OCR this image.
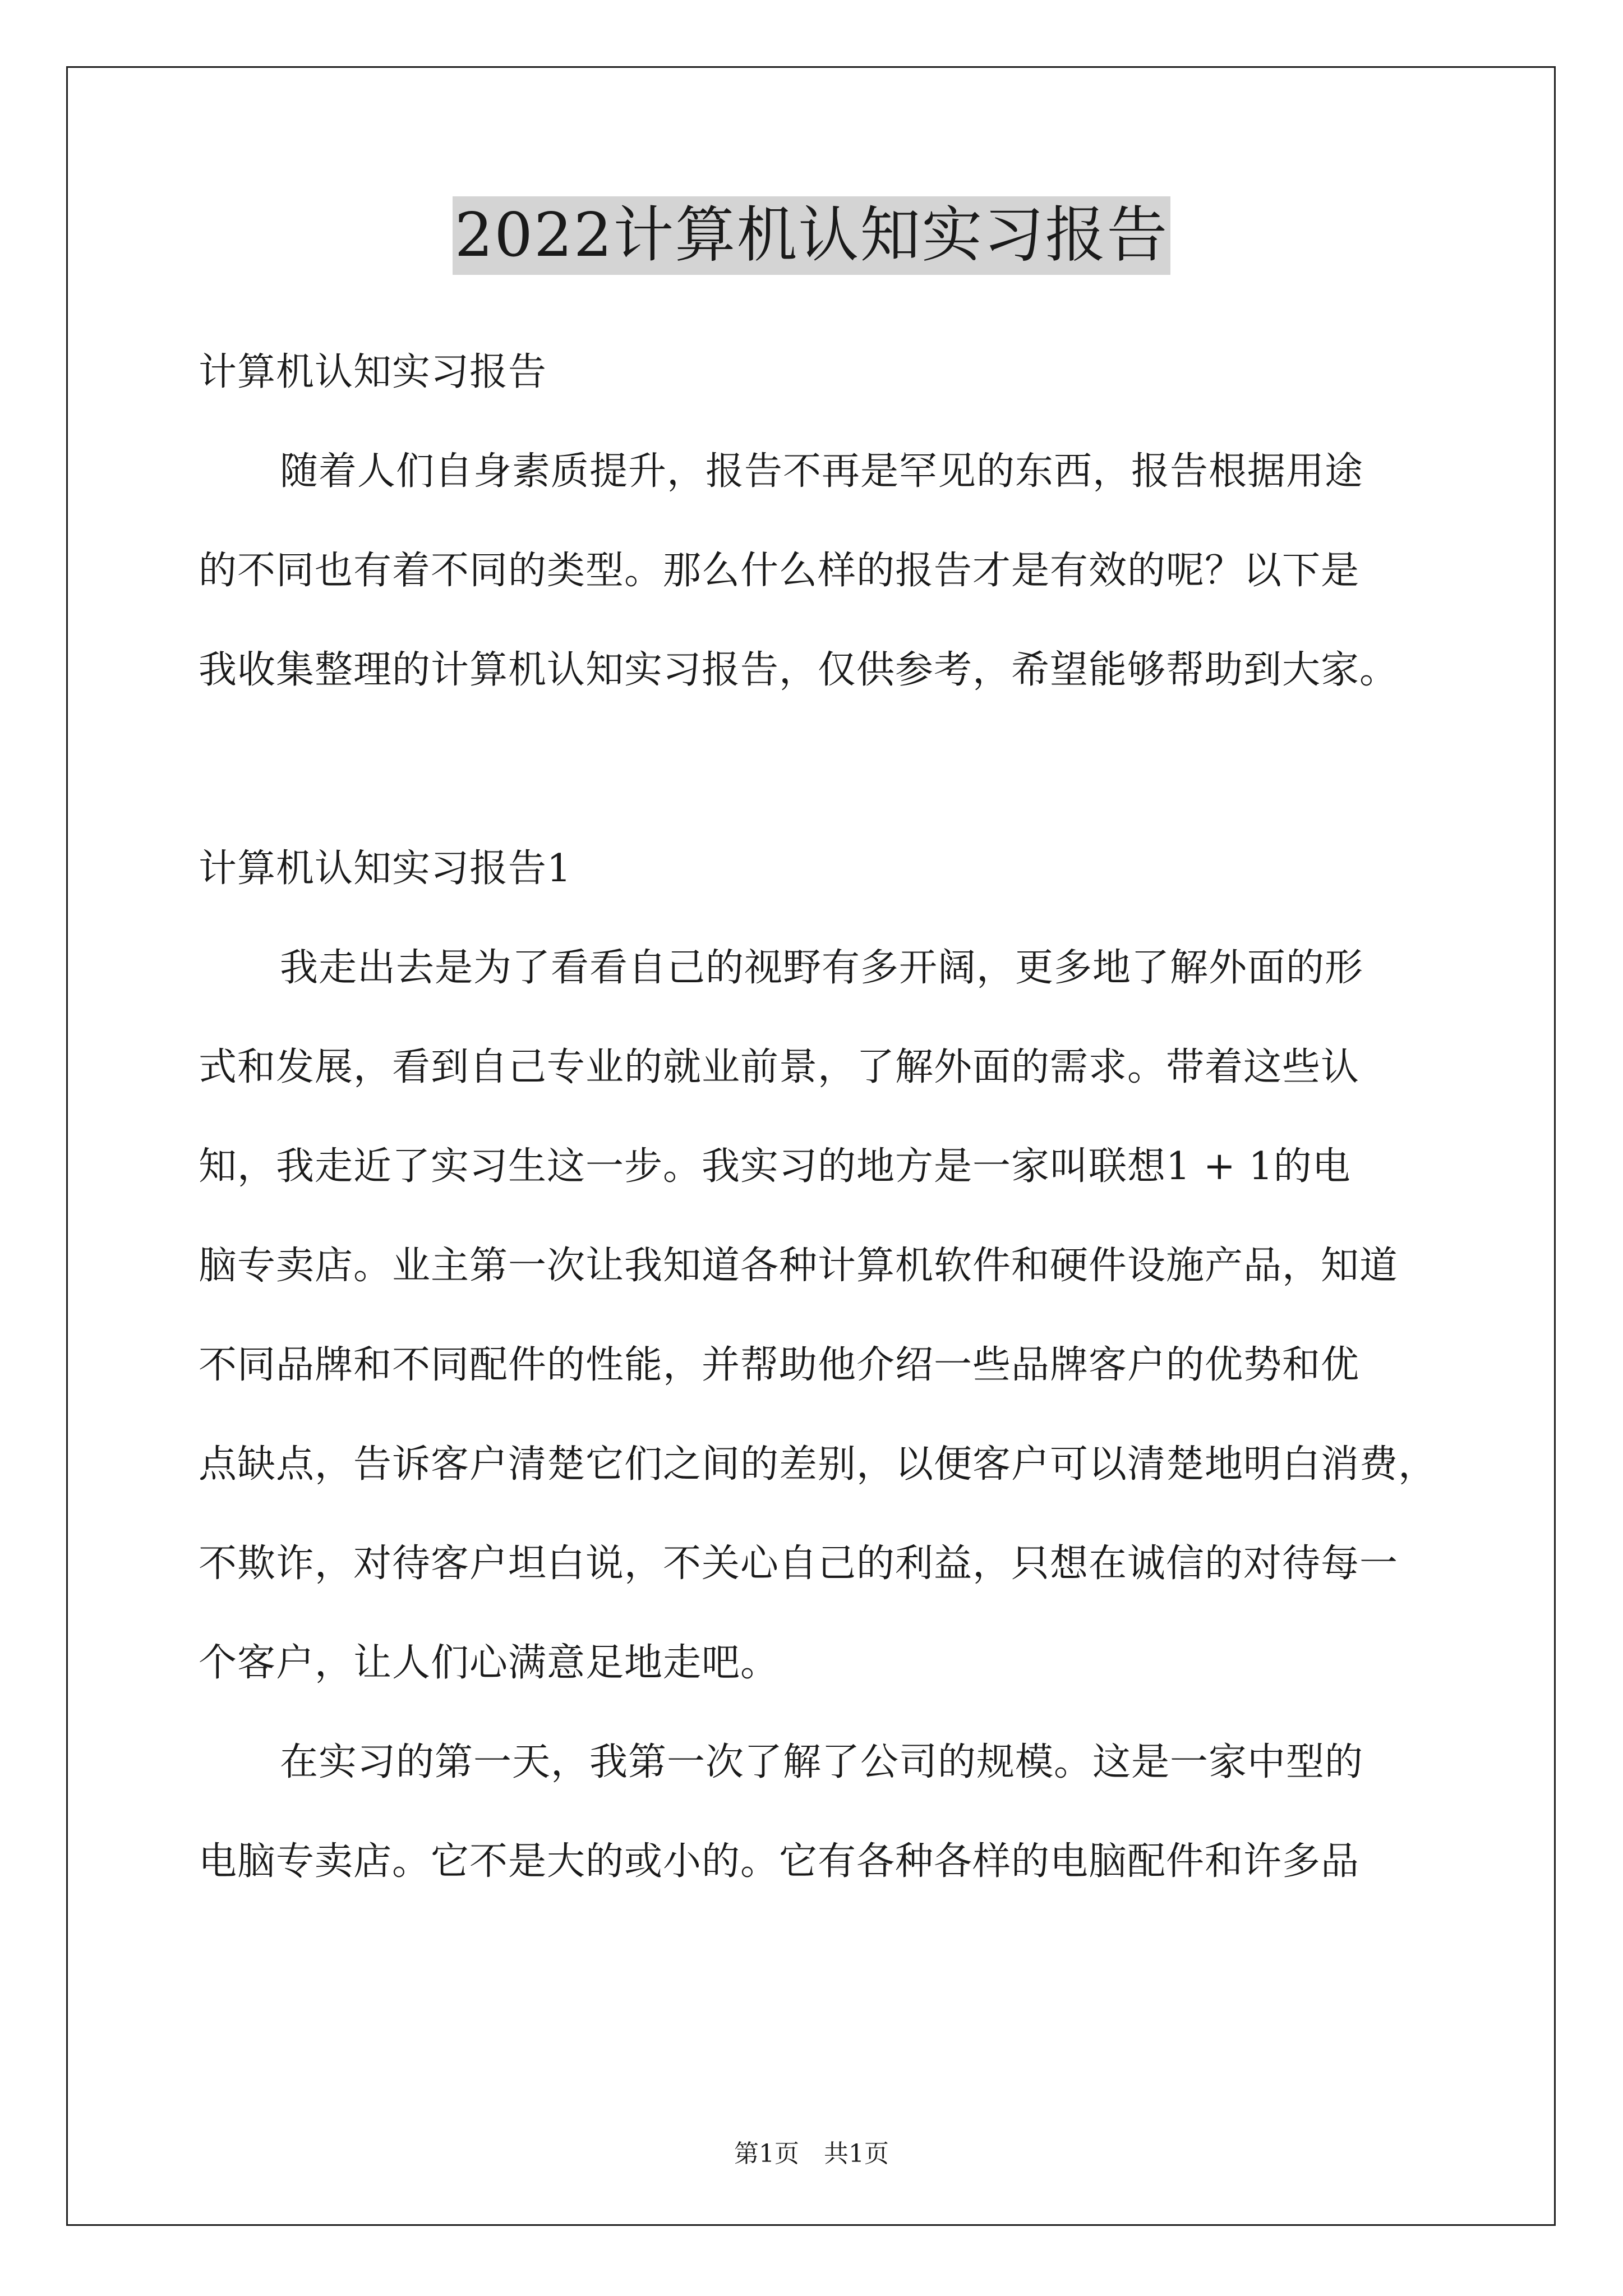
2022计算机认知实习报告
计算机认知实习报告
随着人们自身素质提升，报告不再是罕见的东西，报告根据用途
的不同也有着不同的类型。那么什么样的报告才是有效的呢？以下是
我收集整理的计算机认知实习报告，仅供参考，希望能够帮助到大家。
计算机认知实习报告1
我走出去是为了看看自己的视野有多开阔，更多地了解外面的形
式和发展，看到自己专业的就业前景，了解外面的需求。带着这些认
知，我走近了实习生这一步。我实习的地方是一家叫联想1 + 1的电
脑专卖店。业主第一次让我知道各种计算机软件和硬件设施产品，知道
不同品牌和不同配件的性能，并帮助他介绍一些品牌客户的优势和优
点缺点，告诉客户清楚它们之间的差别，以便客户可以清楚地明白消费，
不欺诈，对待客户坦白说，不关心自己的利益，只想在诚信的对待每一
个客户，让人们心满意足地走吧。
在实习的第一天，我第一次了解了公司的规模。这是一家中型的
电脑专卖店。它不是大的或小的。它有各种各样的电脑配件和许多品
第1页　共1页
